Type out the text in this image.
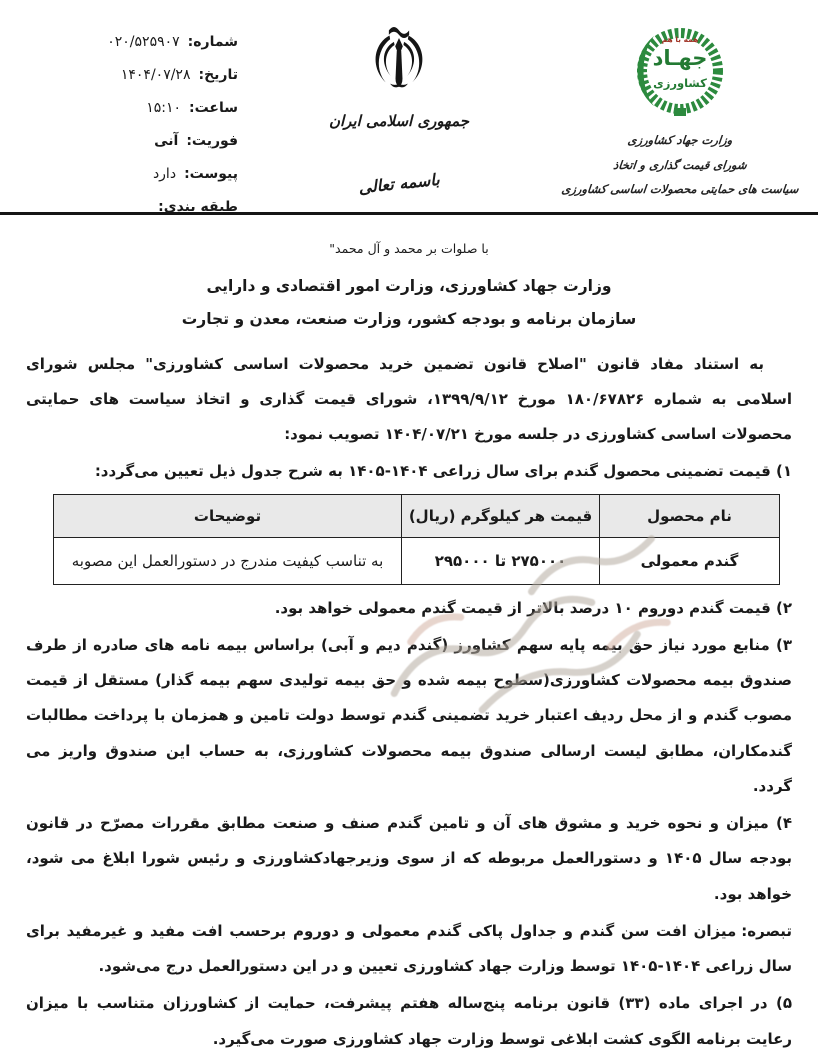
شماره:
۰۲۰/۵۲۵۹۰۷
تاریخ:
۱۴۰۴/۰۷/۲۸
ساعت:
۱۵:۱۰
فوریت:
آنی
پیوست:
دارد
طبقه بندی:
جمهوری اسلامی ایران
باسمه تعالی
همه با هم
جهـاد
کشاورزی
وزارت جهاد کشاورزی
شورای قیمت گذاری و اتخاذ
سیاست های حمایتی محصولات اساسی کشاورزی
با صلوات بر محمد و آل محمد"
وزارت جهاد کشاورزی، وزارت امور اقتصادی و دارایی
سازمان برنامه و بودجه کشور، وزارت صنعت، معدن و تجارت

به استناد مفاد قانون "اصلاح قانون تضمین خرید محصولات اساسی کشاورزی" مجلس شورای اسلامی به شماره ۱۸۰/۶۷۸۲۶ مورخ ۱۳۹۹/۹/۱۲، شورای قیمت گذاری و اتخاذ سیاست های حمایتی محصولات اساسی کشاورزی در جلسه مورخ ۱۴۰۴/۰۷/۲۱ تصویب نمود:

۱) قیمت تضمینی محصول گندم برای سال زراعی ۱۴۰۴-۱۴۰۵ به شرح جدول ذیل تعیین می‌گردد:

نام محصول	قیمت هر کیلوگرم (ریال)	توضیحات
گندم معمولی	۲۷۵۰۰۰ تا ۲۹۵۰۰۰	به تناسب کیفیت مندرج در دستورالعمل این مصوبه

۲) قیمت گندم دوروم ۱۰ درصد بالاتر از قیمت گندم معمولی خواهد بود.

۳) منابع مورد نیاز حق بیمه پایه سهم کشاورز (گندم دیم و آبی) براساس بیمه نامه های صادره از طرف صندوق بیمه محصولات کشاورزی(سطوح بیمه شده و حق بیمه تولیدی سهم بیمه گذار) مستقل از قیمت مصوب گندم و از محل ردیف اعتبار خرید تضمینی گندم توسط دولت تامین و همزمان با پرداخت مطالبات گندمکاران، مطابق لیست ارسالی صندوق بیمه محصولات کشاورزی، به حساب این صندوق واریز می گردد.

۴) میزان و نحوه خرید و مشوق های آن و تامین گندم صنف و صنعت مطابق مقررات مصرّح در قانون بودجه سال ۱۴۰۵ و دستورالعمل مربوطه که از سوی وزیرجهادکشاورزی و رئیس شورا ابلاغ می شود، خواهد بود.

تبصره:میزان افت سن گندم و جداول پاکی گندم معمولی و دوروم برحسب افت مفید و غیرمفید برای سال زراعی ۱۴۰۴-۱۴۰۵ توسط وزارت جهاد کشاورزی تعیین و در این دستورالعمل درج می‌شود.

۵) در اجرای ماده (۳۳) قانون برنامه پنج‌ساله هفتم پیشرفت، حمایت از کشاورزان متناسب با میزان رعایت برنامه الگوی کشت ابلاغی توسط وزارت جهاد کشاورزی صورت می‌گیرد.
